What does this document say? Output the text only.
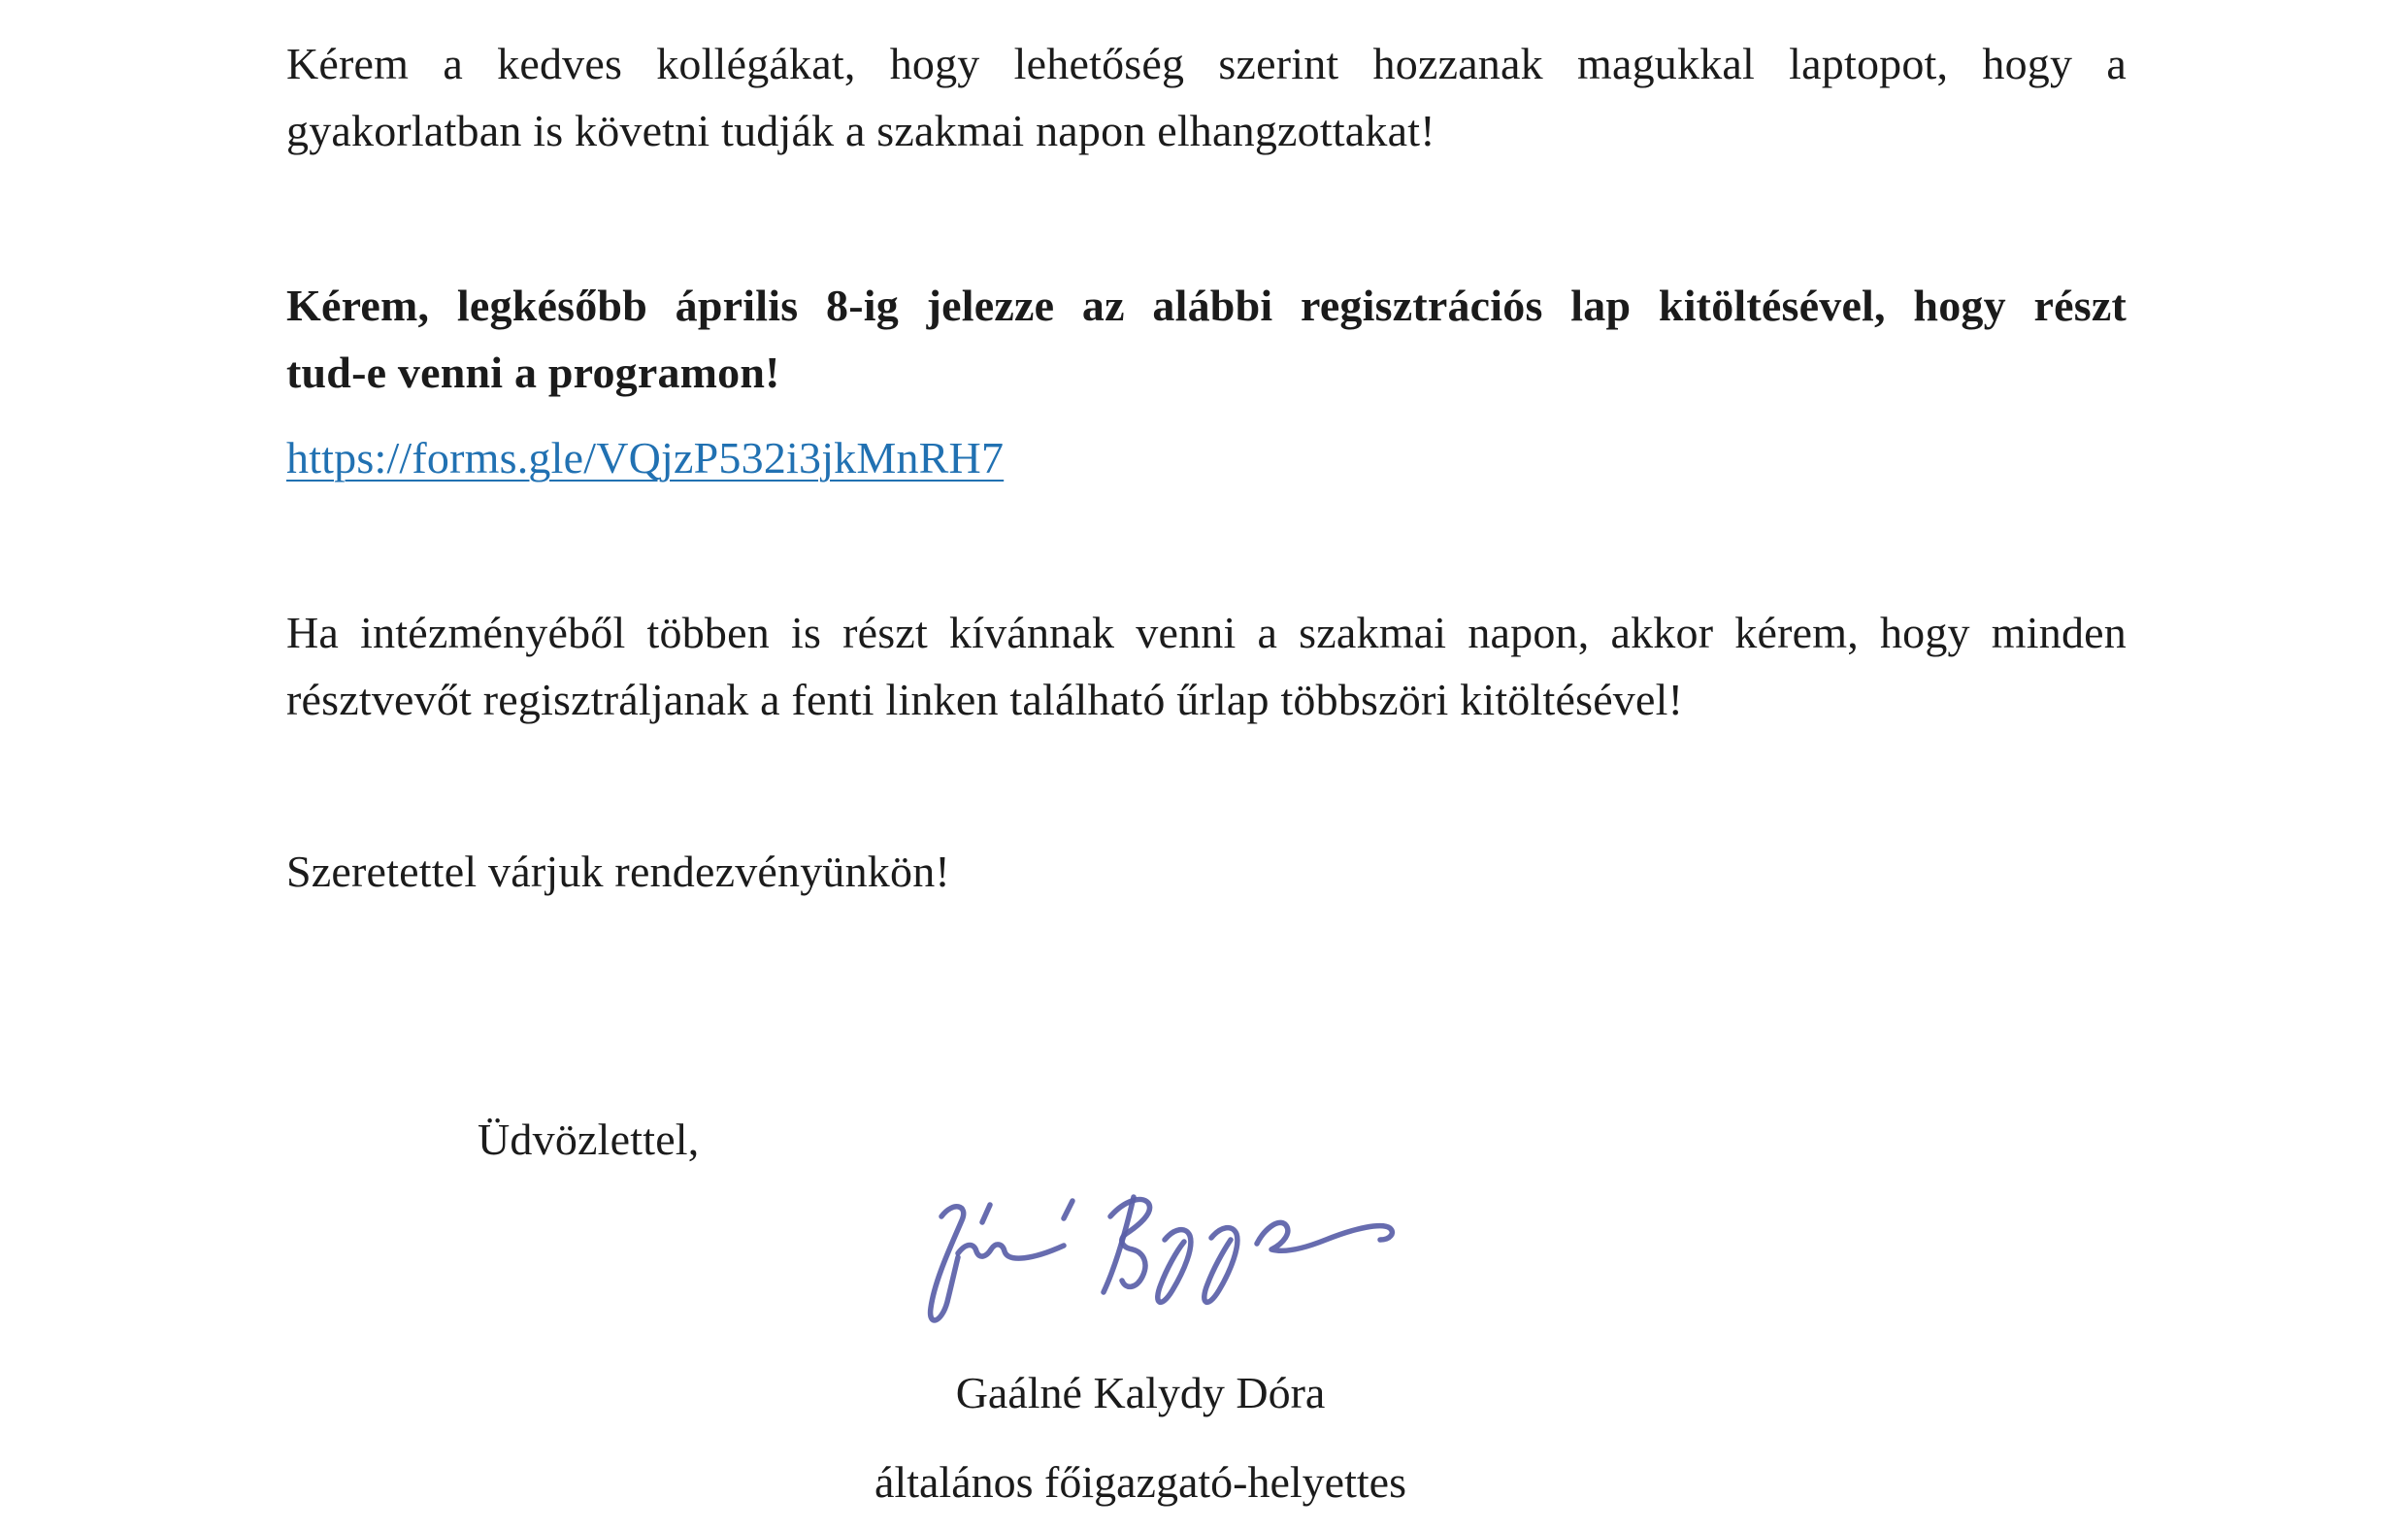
Kérem a kedves kollégákat, hogy lehetőség szerint hozzanak magukkal laptopot, hogy a
gyakorlatban is követni tudják a szakmai napon elhangzottakat!
Kérem, legkésőbb április 8-ig jelezze az alábbi regisztrációs lap kitöltésével, hogy részt
tud-e venni a programon!
https://forms.gle/VQjzP532i3jkMnRH7
Ha intézményéből többen is részt kívánnak venni a szakmai napon, akkor kérem, hogy minden
résztvevőt regisztráljanak a fenti linken található űrlap többszöri kitöltésével!
Szeretettel várjuk rendezvényünkön!
Üdvözlettel,
Gaálné Kalydy Dóra
általános főigazgató-helyettes
